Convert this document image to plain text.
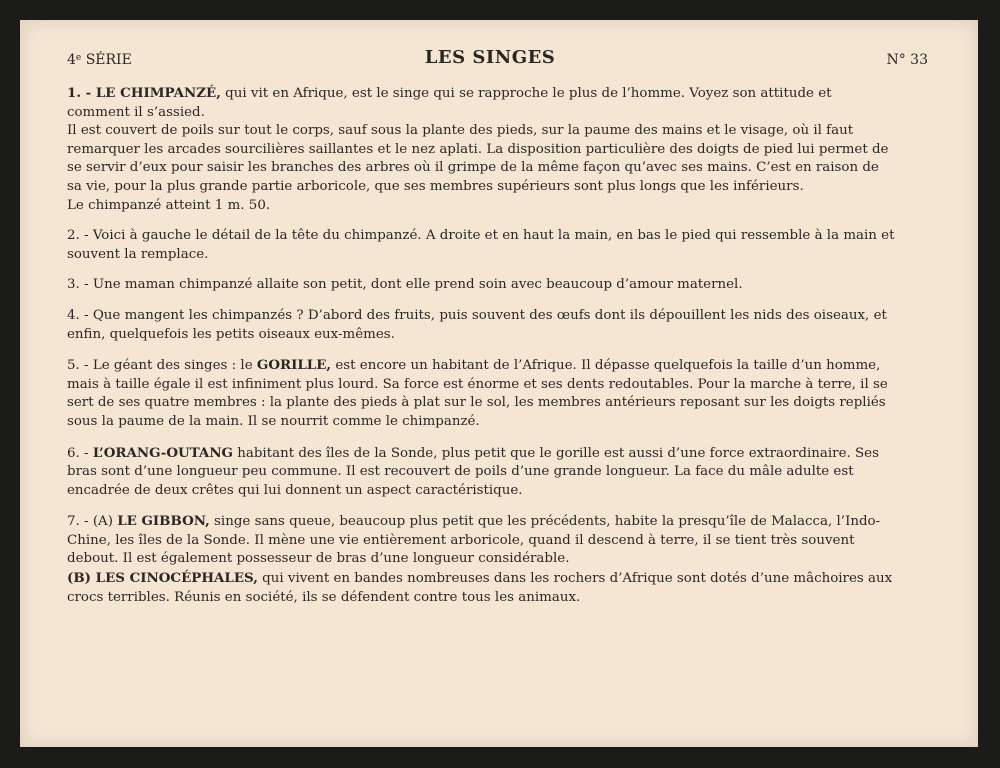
4e SÉRIE	LES SINGES	N° 33

1. - LE CHIMPANZÉ, qui vit en Afrique, est le singe qui se rapproche le plus de l’homme. Voyez son attitude et comment il s’assied.

Il est couvert de poils sur tout le corps, sauf sous la plante des pieds, sur la paume des mains et le visage, où il faut remarquer les arcades sourcilières saillantes et le nez aplati. La disposition particulière des doigts de pied lui permet de se servir d’eux pour saisir les branches des arbres où il grimpe de la même façon qu’avec ses mains. C’est en raison de sa vie, pour la plus grande partie arboricole, que ses membres supérieurs sont plus longs que les inférieurs.

Le chimpanzé atteint 1 m. 50.

2. - Voici à gauche le détail de la tête du chimpanzé. A droite et en haut la main, en bas le pied qui ressemble à la main et souvent la remplace.

3. - Une maman chimpanzé allaite son petit, dont elle prend soin avec beaucoup d’amour maternel.

4. - Que mangent les chimpanzés ? D’abord des fruits, puis souvent des œufs dont ils dépouillent les nids des oiseaux, et enfin, quelquefois les petits oiseaux eux-mêmes.

5. - Le géant des singes : le GORILLE, est encore un habitant de l’Afrique. Il dépasse quelquefois la taille d’un homme, mais à taille égale il est infiniment plus lourd. Sa force est énorme et ses dents redoutables. Pour la marche à terre, il se sert de ses quatre membres : la plante des pieds à plat sur le sol, les membres antérieurs reposant sur les doigts repliés sous la paume de la main. Il se nourrit comme le chimpanzé.

6. - L’ORANG-OUTANG habitant des îles de la Sonde, plus petit que le gorille est aussi d’une force extraordinaire. Ses bras sont d’une longueur peu commune. Il est recouvert de poils d’une grande longueur. La face du mâle adulte est encadrée de deux crêtes qui lui donnent un aspect caractéristique.

7. - (A) LE GIBBON, singe sans queue, beaucoup plus petit que les précédents, habite la presqu’île de Malacca, l’Indo-Chine, les îles de la Sonde. Il mène une vie entièrement arboricole, quand il descend à terre, il se tient très souvent debout. Il est également possesseur de bras d’une longueur considérable.

(B) LES CINOCÉPHALES, qui vivent en bandes nombreuses dans les rochers d’Afrique sont dotés d’une mâchoires aux crocs terribles. Réunis en société, ils se défendent contre tous les animaux.
